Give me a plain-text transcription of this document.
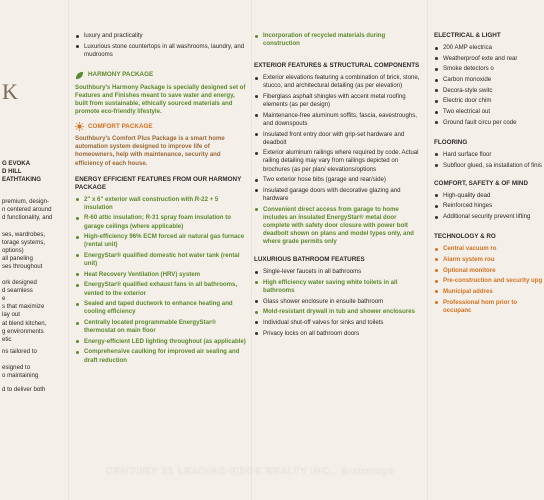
K
G EVOKA
D HILL
EATHTAKING
premium, design-
n centered around
d functionality, and
ses, wardrobes,
torage systems,
options)
all paneling
ses throughout
ork designed
d seamless
e
s that maximize
lay out
at blend kitchen,
g environments
etic
ns tailored to
esigned to
o maintaining
d to deliver both
luxury and practicality
Luxurious stone countertops in all washrooms, laundry, and mudrooms
HARMONY PACKAGE
Southbury's Harmony Package is specially designed set of Features and Finishes meant to save water and energy, built from sustainable, ethically sourced materials and promote eco-friendly lifestyle.
COMFORT PACKAGE
Southbury's Comfort Plus Package is a smart home automation system designed to improve life of homeowners, help with maintenance, security and efficiency of each house.
ENERGY EFFICIENT FEATURES FROM OUR HARMONY PACKAGE
2" x 6" exterior wall construction with R-22 + 5 insulation
R-60 attic insulation; R-31 spray foam insulation to garage ceilings (where applicable)
High-efficiency 96% ECM forced air natural gas furnace (rental unit)
EnergyStar® qualified domestic hot water tank (rental unit)
Heat Recovery Ventilation (HRV) system
EnergyStar® qualified exhaust fans in all bathrooms, vented to the exterior
Sealed and taped ductwork to enhance heating and cooling efficiency
Centrally located programmable EnergyStar® thermostat on main floor
Energy-efficient LED lighting throughout (as applicable)
Comprehensive caulking for improved air sealing and draft reduction
Incorporation of recycled materials during construction
EXTERIOR FEATURES & STRUCTURAL COMPONENTS
Exterior elevations featuring a combination of brick, stone, stucco, and architectural detailing (as per elevation)
Fiberglass asphalt shingles with accent metal roofing elements (as per design)
Maintenance-free aluminum soffits, fascia, eavestroughs, and downspouts
Insulated front entry door with grip-set hardware and deadbolt
Exterior aluminum railings where required by code. Actual railing detailing may vary from railings depicted on brochures (as per plan/ elevations/options
Two exterior hose bibs (garage and rear/side)
Insulated garage doors with decorative glazing and hardware
Convenient direct access from garage to home includes an insulated EnergyStar® metal door complete with safety door closure with power bolt deadbolt shown on plans and model types only, and where grade permits only
LUXURIOUS BATHROOM FEATURES
Single-lever faucets in all bathrooms
High efficiency water saving white toilets in all bathrooms
Glass shower enclosure in ensuite bathroom
Mold-resistant drywall in tub and shower enclosures
Individual shut-off valves for sinks and toilets
Privacy locks on all bathroom doors
ELECTRICAL & LIGHT
200 AMP electrica
Weatherproof exte and rear
Smoke detectors o
Carbon monoxide
Decora-style switc
Electric door chim
Two electrical out
Ground fault circu per code
FLOORING
Hard surface floor
Subfloor glued, sa installation of finis
COMFORT, SAFETY & OF MIND
High-quality dead
Reinforced hinges
Additional security prevent lifting
TECHNOLOGY & RO
Central vacuum ro
Alarm system rou
Optional monitore
Pre-construction and security upg
Municipal addres
Professional hom prior to occupanc
CENTURY 21 LEADING-EDGE REALTY INC., Brokerage
